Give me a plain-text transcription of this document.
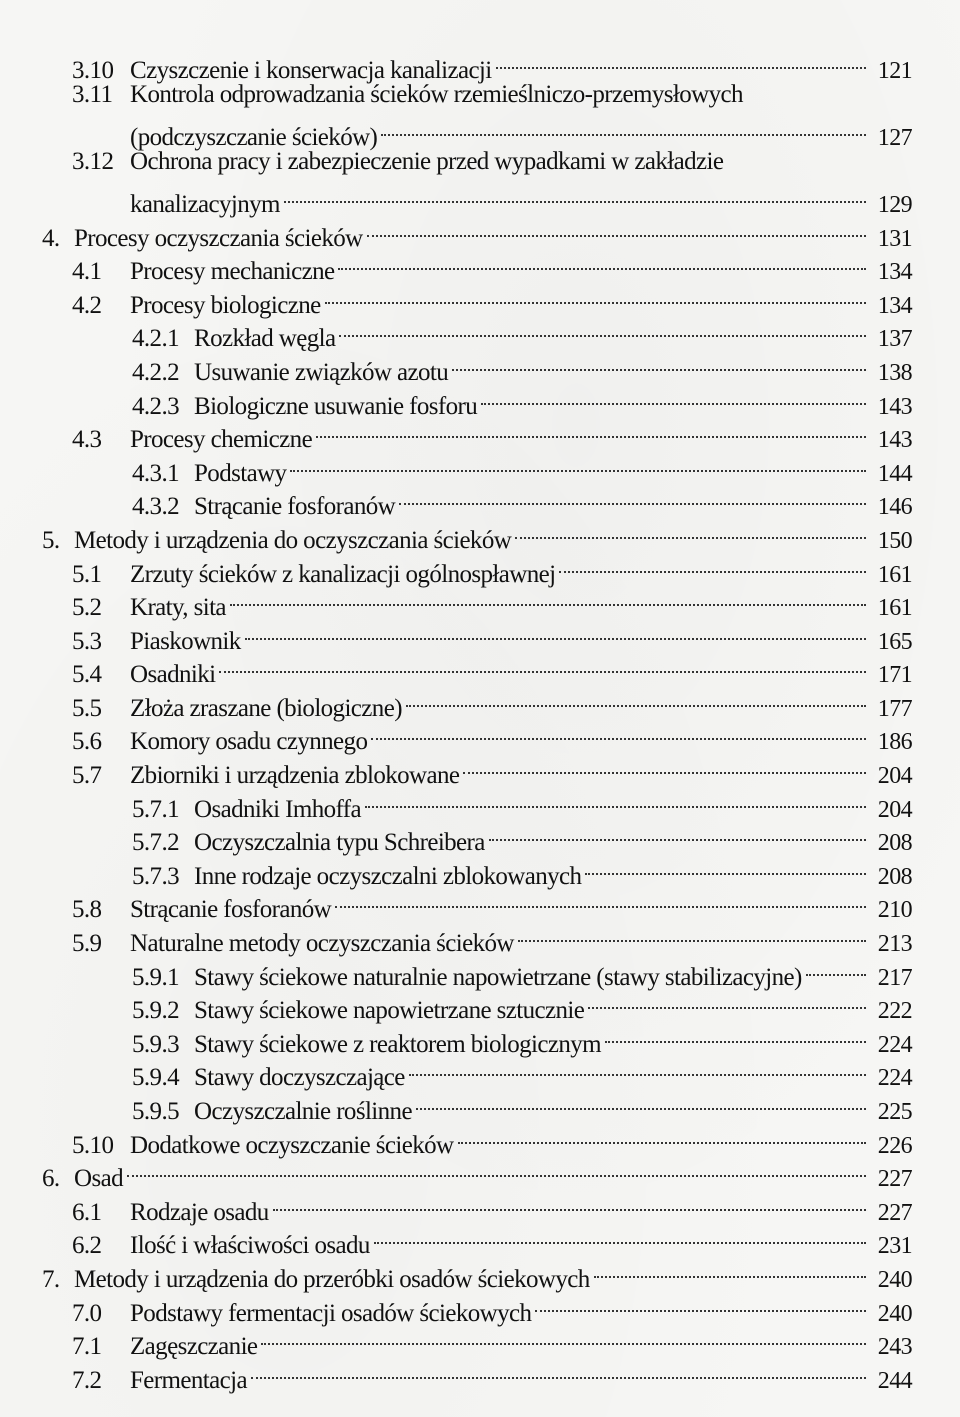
3.10 Czyszczenie i konserwacja kanalizacji	121
3.11 Kontrola odprowadzania ścieków rzemieślniczo-przemysłowych
(podczyszczanie ścieków)	127
3.12 Ochrona pracy i zabezpieczenie przed wypadkami w zakładzie
kanalizacyjnym	129
4. Procesy oczyszczania ścieków	131
4.1	Procesy mechaniczne	134
4.2	Procesy biologiczne	134
4.2.1 Rozkład węgla	137
4.2.2 Usuwanie związków azotu	138
4.2.3 Biologiczne usuwanie fosforu	143
4.3	Procesy chemiczne	143
4.3.1 Podstawy	144
4.3.2 Strącanie fosforanów	146
5. Metody i urządzenia do oczyszczania ścieków	150
5.1	Zrzuty ścieków z kanalizacji ogólnospławnej	161
5.2	Kraty, sita	161
5.3	Piaskownik	165
5.4	Osadniki	171
5.5	Złoża zraszane (biologiczne)	177
5.6	Komory osadu czynnego	186
5.7	Zbiorniki i urządzenia zblokowane	204
5.7.1 Osadniki Imhoffa	204
5.7.2 Oczyszczalnia typu Schreibera	208
5.7.3 Inne rodzaje oczyszczalni zblokowanych	208
5.8	Strącanie fosforanów	210
5.9	Naturalne metody oczyszczania ścieków	213
5.9.1 Stawy ściekowe naturalnie napowietrzane (stawy stabilizacyjne)	217
5.9.2 Stawy ściekowe napowietrzane sztucznie	222
5.9.3 Stawy ściekowe z reaktorem biologicznym	224
5.9.4 Stawy doczyszczające	224
5.9.5 Oczyszczalnie roślinne	225
5.10 Dodatkowe oczyszczanie ścieków	226
6. Osad	227
6.1	Rodzaje osadu	227
6.2	Ilość i właściwości osadu	231
7. Metody i urządzenia do przeróbki osadów ściekowych	240
7.0	Podstawy fermentacji osadów ściekowych	240
7.1	Zagęszczanie	243
7.2	Fermentacja	244
